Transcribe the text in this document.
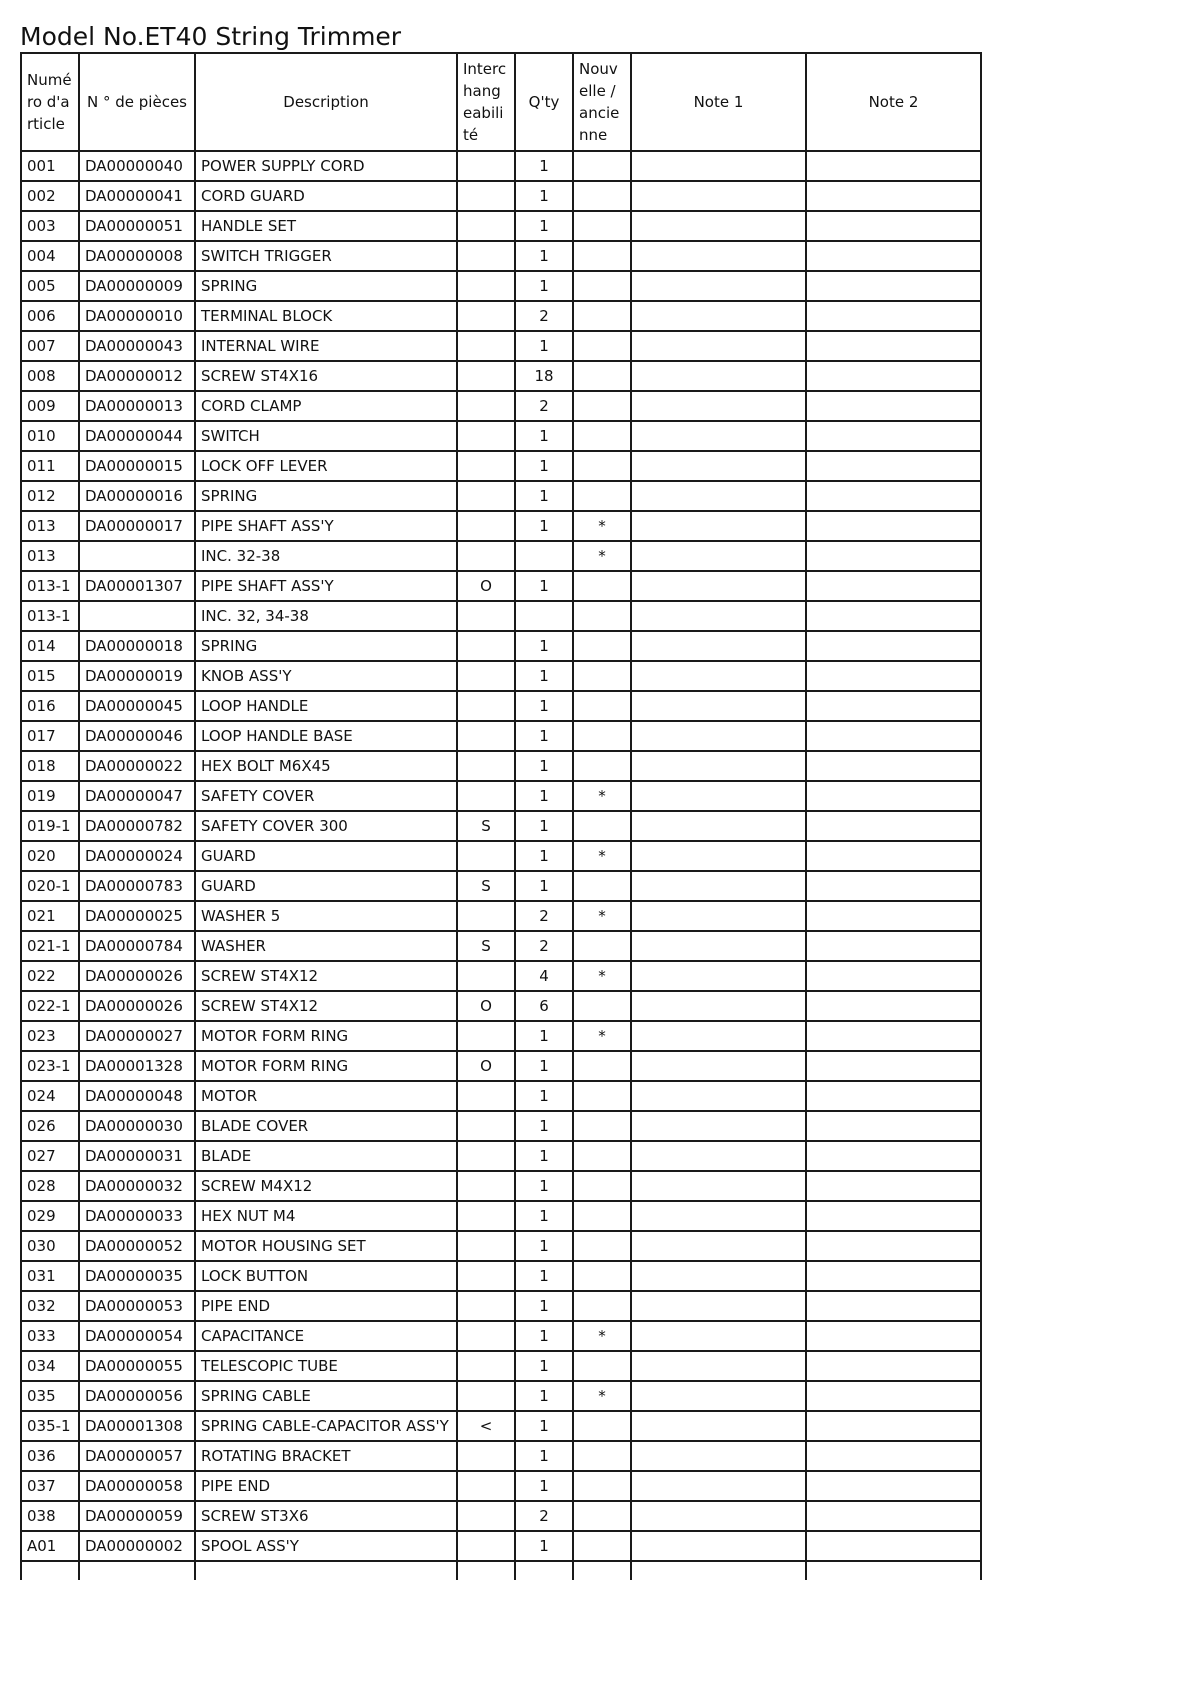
Model No.ET40 String Trimmer
Numéro d'article	N ° de pièces	Description	Interchangeabilité	Q'ty	Nouvelle / ancienne	Note 1	Note 2
001	DA00000040	POWER SUPPLY CORD		1			
002	DA00000041	CORD GUARD		1			
003	DA00000051	HANDLE SET		1			
004	DA00000008	SWITCH TRIGGER		1			
005	DA00000009	SPRING		1			
006	DA00000010	TERMINAL BLOCK		2			
007	DA00000043	INTERNAL WIRE		1			
008	DA00000012	SCREW ST4X16		18			
009	DA00000013	CORD CLAMP		2			
010	DA00000044	SWITCH		1			
011	DA00000015	LOCK OFF LEVER		1			
012	DA00000016	SPRING		1			
013	DA00000017	PIPE SHAFT ASS'Y		1	*		
013		INC. 32-38			*		
013-1	DA00001307	PIPE SHAFT ASS'Y	O	1			
013-1		INC. 32, 34-38					
014	DA00000018	SPRING		1			
015	DA00000019	KNOB ASS'Y		1			
016	DA00000045	LOOP HANDLE		1			
017	DA00000046	LOOP HANDLE BASE		1			
018	DA00000022	HEX BOLT M6X45		1			
019	DA00000047	SAFETY COVER		1	*		
019-1	DA00000782	SAFETY COVER 300	S	1			
020	DA00000024	GUARD		1	*		
020-1	DA00000783	GUARD	S	1			
021	DA00000025	WASHER 5		2	*		
021-1	DA00000784	WASHER	S	2			
022	DA00000026	SCREW ST4X12		4	*		
022-1	DA00000026	SCREW ST4X12	O	6			
023	DA00000027	MOTOR FORM RING		1	*		
023-1	DA00001328	MOTOR FORM RING	O	1			
024	DA00000048	MOTOR		1			
026	DA00000030	BLADE COVER		1			
027	DA00000031	BLADE		1			
028	DA00000032	SCREW M4X12		1			
029	DA00000033	HEX NUT M4		1			
030	DA00000052	MOTOR HOUSING SET		1			
031	DA00000035	LOCK BUTTON		1			
032	DA00000053	PIPE END		1			
033	DA00000054	CAPACITANCE		1	*		
034	DA00000055	TELESCOPIC TUBE		1			
035	DA00000056	SPRING CABLE		1	*		
035-1	DA00001308	SPRING CABLE-CAPACITOR ASS'Y	<	1			
036	DA00000057	ROTATING BRACKET		1			
037	DA00000058	PIPE END		1			
038	DA00000059	SCREW ST3X6		2			
A01	DA00000002	SPOOL ASS'Y		1			
